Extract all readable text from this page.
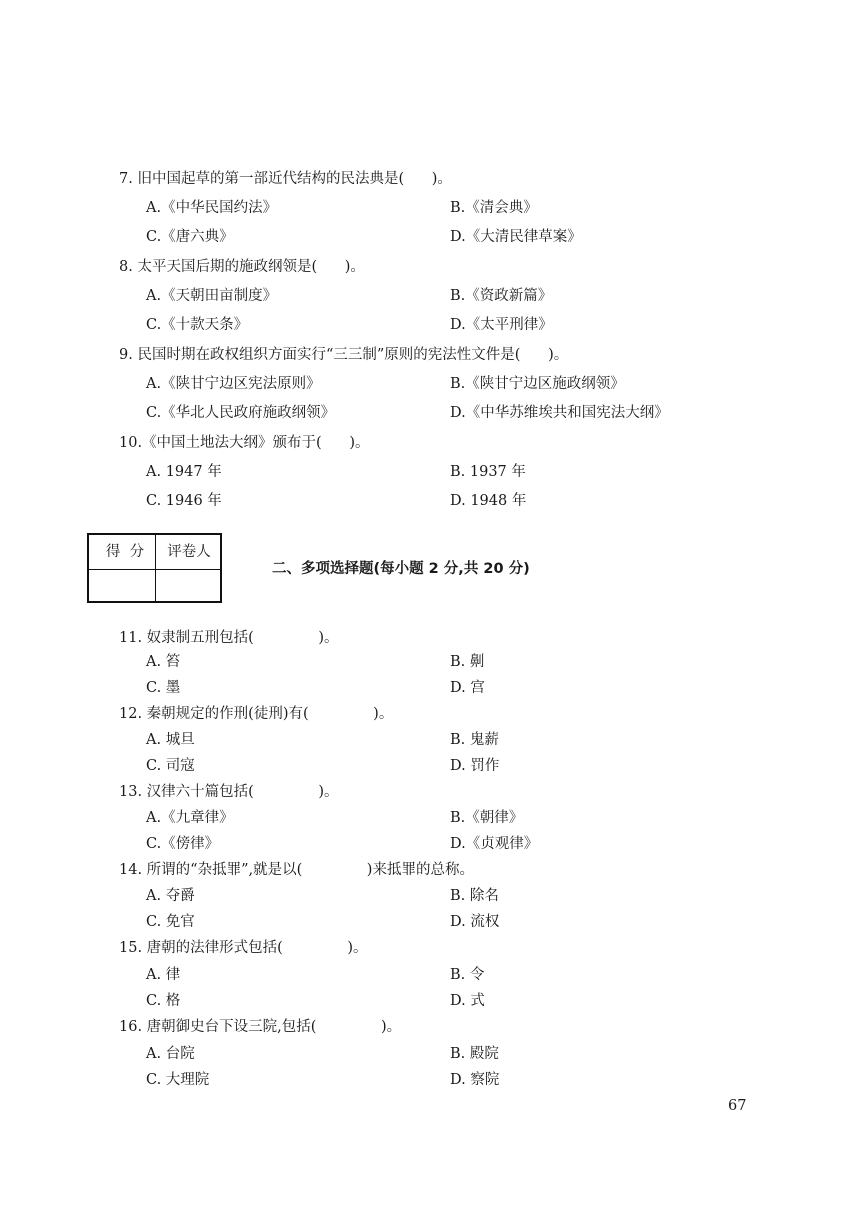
7. 旧中国起草的第一部近代结构的民法典是(      )。
A.《中华民国约法》	B.《清会典》
C.《唐六典》	D.《大清民律草案》
8. 太平天国后期的施政纲领是(      )。
A.《天朝田亩制度》	B.《资政新篇》
C.《十款天条》	D.《太平刑律》
9. 民国时期在政权组织方面实行“三三制”原则的宪法性文件是(      )。
A.《陕甘宁边区宪法原则》	B.《陕甘宁边区施政纲领》
C.《华北人民政府施政纲领》	D.《中华苏维埃共和国宪法大纲》
10.《中国土地法大纲》颁布于(      )。
A. 1947 年	B. 1937 年
C. 1946 年	D. 1948 年
得  分	评卷人
二、多项选择题(每小题 2 分,共 20 分)
11. 奴隶制五刑包括(              )。
A. 笞	B. 劓
C. 墨	D. 宫
12. 秦朝规定的作刑(徒刑)有(              )。
A. 城旦	B. 鬼薪
C. 司寇	D. 罚作
13. 汉律六十篇包括(              )。
A.《九章律》	B.《朝律》
C.《傍律》	D.《贞观律》
14. 所谓的“杂抵罪”,就是以(              )来抵罪的总称。
A. 夺爵	B. 除名
C. 免官	D. 流权
15. 唐朝的法律形式包括(              )。
A. 律	B. 令
C. 格	D. 式
16. 唐朝御史台下设三院,包括(              )。
A. 台院	B. 殿院
C. 大理院	D. 察院
67
